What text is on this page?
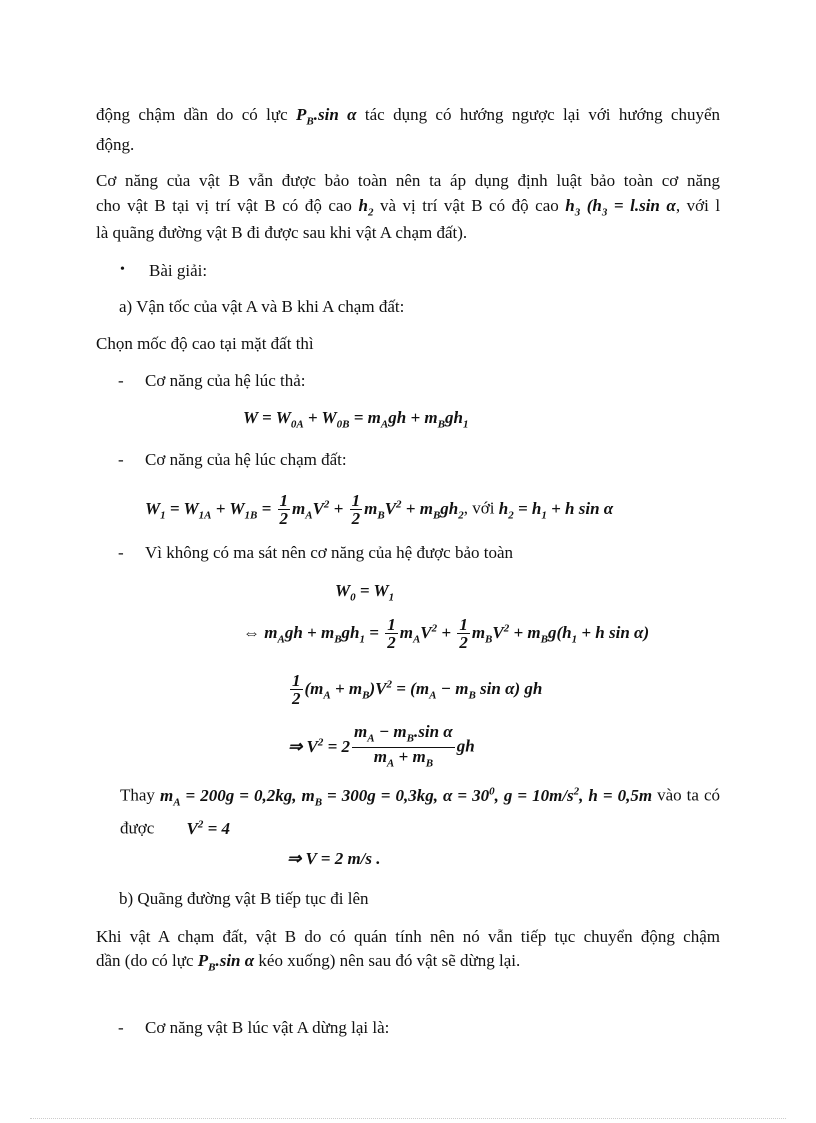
động chậm dần do có lực $P_B.\sin$ α tác dụng có hướng ngược lại với hướng chuyển
động.
Cơ năng của vật B vẫn được bảo toàn nên ta áp dụng định luật bảo toàn cơ năng
cho vật B tại vị trí vật B có độ cao $h_2$ và vị trí vật B có độ cao $h_3$ ($h_3 = l.\sin$ α, với l
là quãng đường vật B đi được sau khi vật A chạm đất).
• Bài giải:
a) Vận tốc của vật A và B khi A chạm đất:
Chọn mốc độ cao tại mặt đất thì
- Cơ năng của hệ lúc thả:
$W = W_{0A} + W_{0B} = m_Agh + m_Bgh_1$
- Cơ năng của hệ lúc chạm đất:
$W_1 = W_{1A} + W_{1B} = \frac{1}{2} m_AV^2 + \frac{1}{2} m_BV^2 + m_Bgh_2$, với $h_2 = h_1 + h$ sin α
- Vì không có ma sát nên cơ năng của hệ được bảo toàn
$W_0 = W_1$
⇔ $m_Agh + m_Bgh_1 = \frac{1}{2} m_AV^2 + \frac{1}{2} m_BV^2 + m_Bg(h_1 + h$ sin α)
$\frac{1}{2} (m_A + m_B)V^2 = (m_A - m_B$ sin α) gh
⇒ $V^2 = 2 \frac{m_A - m_B.\sin \alpha}{m_A + m_B}$ gh
Thay $m_A = 200g = 0,2kg$, $m_B = 300g = 0,3kg$, $\alpha = 30^0$, $g = 10m/s^2$, h = 0,5m vào ta có
được $V^2 = 4$
⇒ V = 2 m/s .
b) Quãng đường vật B tiếp tục đi lên
Khi vật A chạm đất, vật B do có quán tính nên nó vẫn tiếp tục chuyển động chậm
dần (do có lực $P_B.\sin$ α kéo xuống) nên sau đó vật sẽ dừng lại.
- Cơ năng vật B lúc vật A dừng lại là:
